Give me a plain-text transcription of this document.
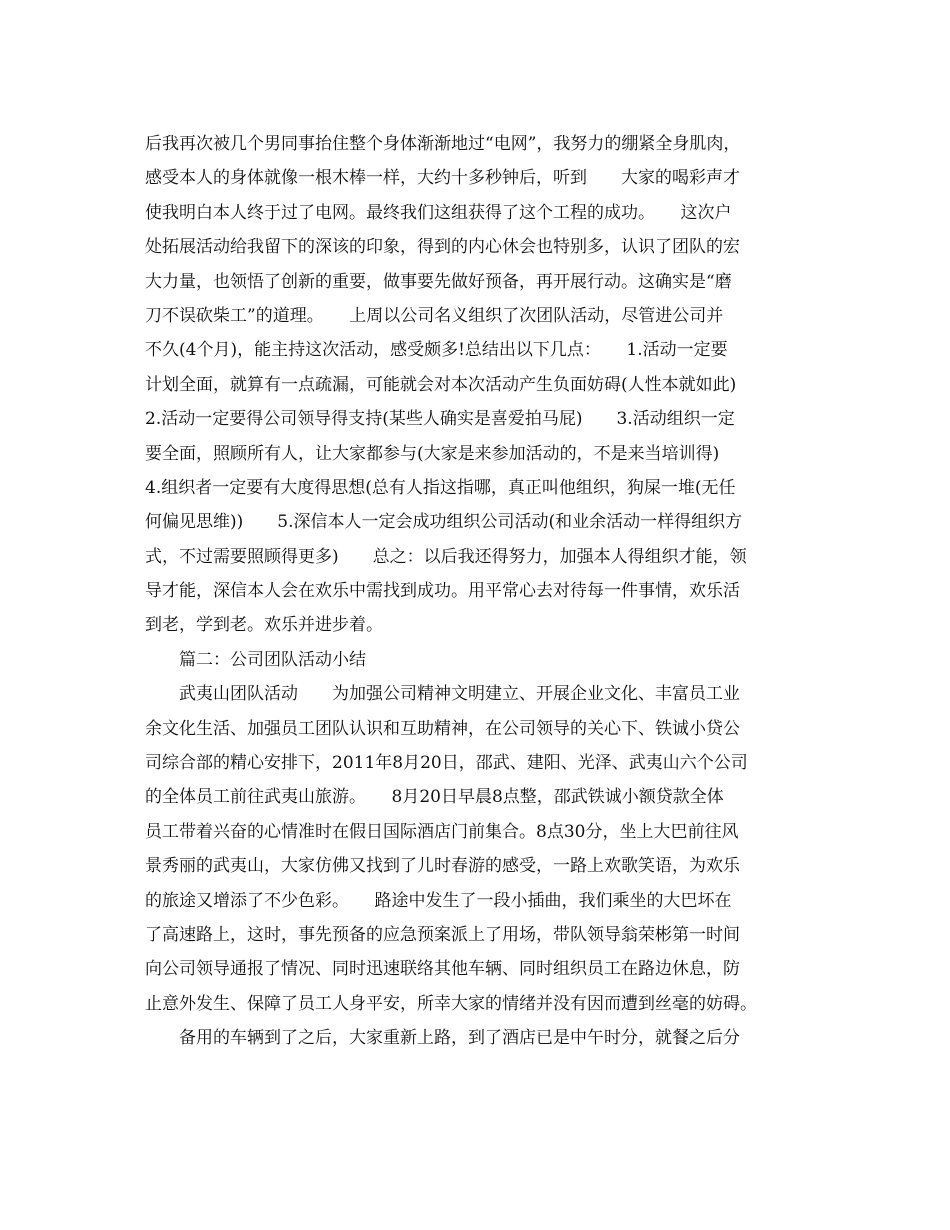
后我再次被几个男同事抬住整个身体渐渐地过“电网”，我努力的绷紧全身肌肉，
感受本人的身体就像一根木棒一样，大约十多秒钟后，听到　　大家的喝彩声才
使我明白本人终于过了电网。最终我们这组获得了这个工程的成功。　　这次户
处拓展活动给我留下的深该的印象，得到的内心休会也特别多，认识了团队的宏
大力量，也领悟了创新的重要，做事要先做好预备，再开展行动。这确实是“磨
刀不误砍柴工”的道理。　　上周以公司名义组织了次团队活动，尽管进公司并
不久(4个月)，能主持这次活动，感受颇多!总结出以下几点：　　1.活动一定要
计划全面，就算有一点疏漏，可能就会对本次活动产生负面妨碍(人性本就如此)
2.活动一定要得公司领导得支持(某些人确实是喜爱拍马屁)　　3.活动组织一定
要全面，照顾所有人，让大家都参与(大家是来参加活动的，不是来当培训得)
4.组织者一定要有大度得思想(总有人指这指哪，真正叫他组织，狗屎一堆(无任
何偏见思维))　　5.深信本人一定会成功组织公司活动(和业余活动一样得组织方
式，不过需要照顾得更多)　　总之：以后我还得努力，加强本人得组织才能，领
导才能，深信本人会在欢乐中需找到成功。用平常心去对待每一件事情，欢乐活
到老，学到老。欢乐并进步着。
　　篇二：公司团队活动小结
　　武夷山团队活动　　为加强公司精神文明建立、开展企业文化、丰富员工业
余文化生活、加强员工团队认识和互助精神，在公司领导的关心下、铁诚小贷公
司综合部的精心安排下，2011年8月20日，邵武、建阳、光泽、武夷山六个公司
的全体员工前往武夷山旅游。　　8月20日早晨8点整，邵武铁诚小额贷款全体
员工带着兴奋的心情准时在假日国际酒店门前集合。8点30分，坐上大巴前往风
景秀丽的武夷山，大家仿佛又找到了儿时春游的感受，一路上欢歌笑语，为欢乐
的旅途又增添了不少色彩。　　路途中发生了一段小插曲，我们乘坐的大巴坏在
了高速路上，这时，事先预备的应急预案派上了用场，带队领导翁荣彬第一时间
向公司领导通报了情况、同时迅速联络其他车辆、同时组织员工在路边休息，防
止意外发生、保障了员工人身平安，所幸大家的情绪并没有因而遭到丝毫的妨碍。
　　备用的车辆到了之后，大家重新上路，到了酒店已是中午时分，就餐之后分
